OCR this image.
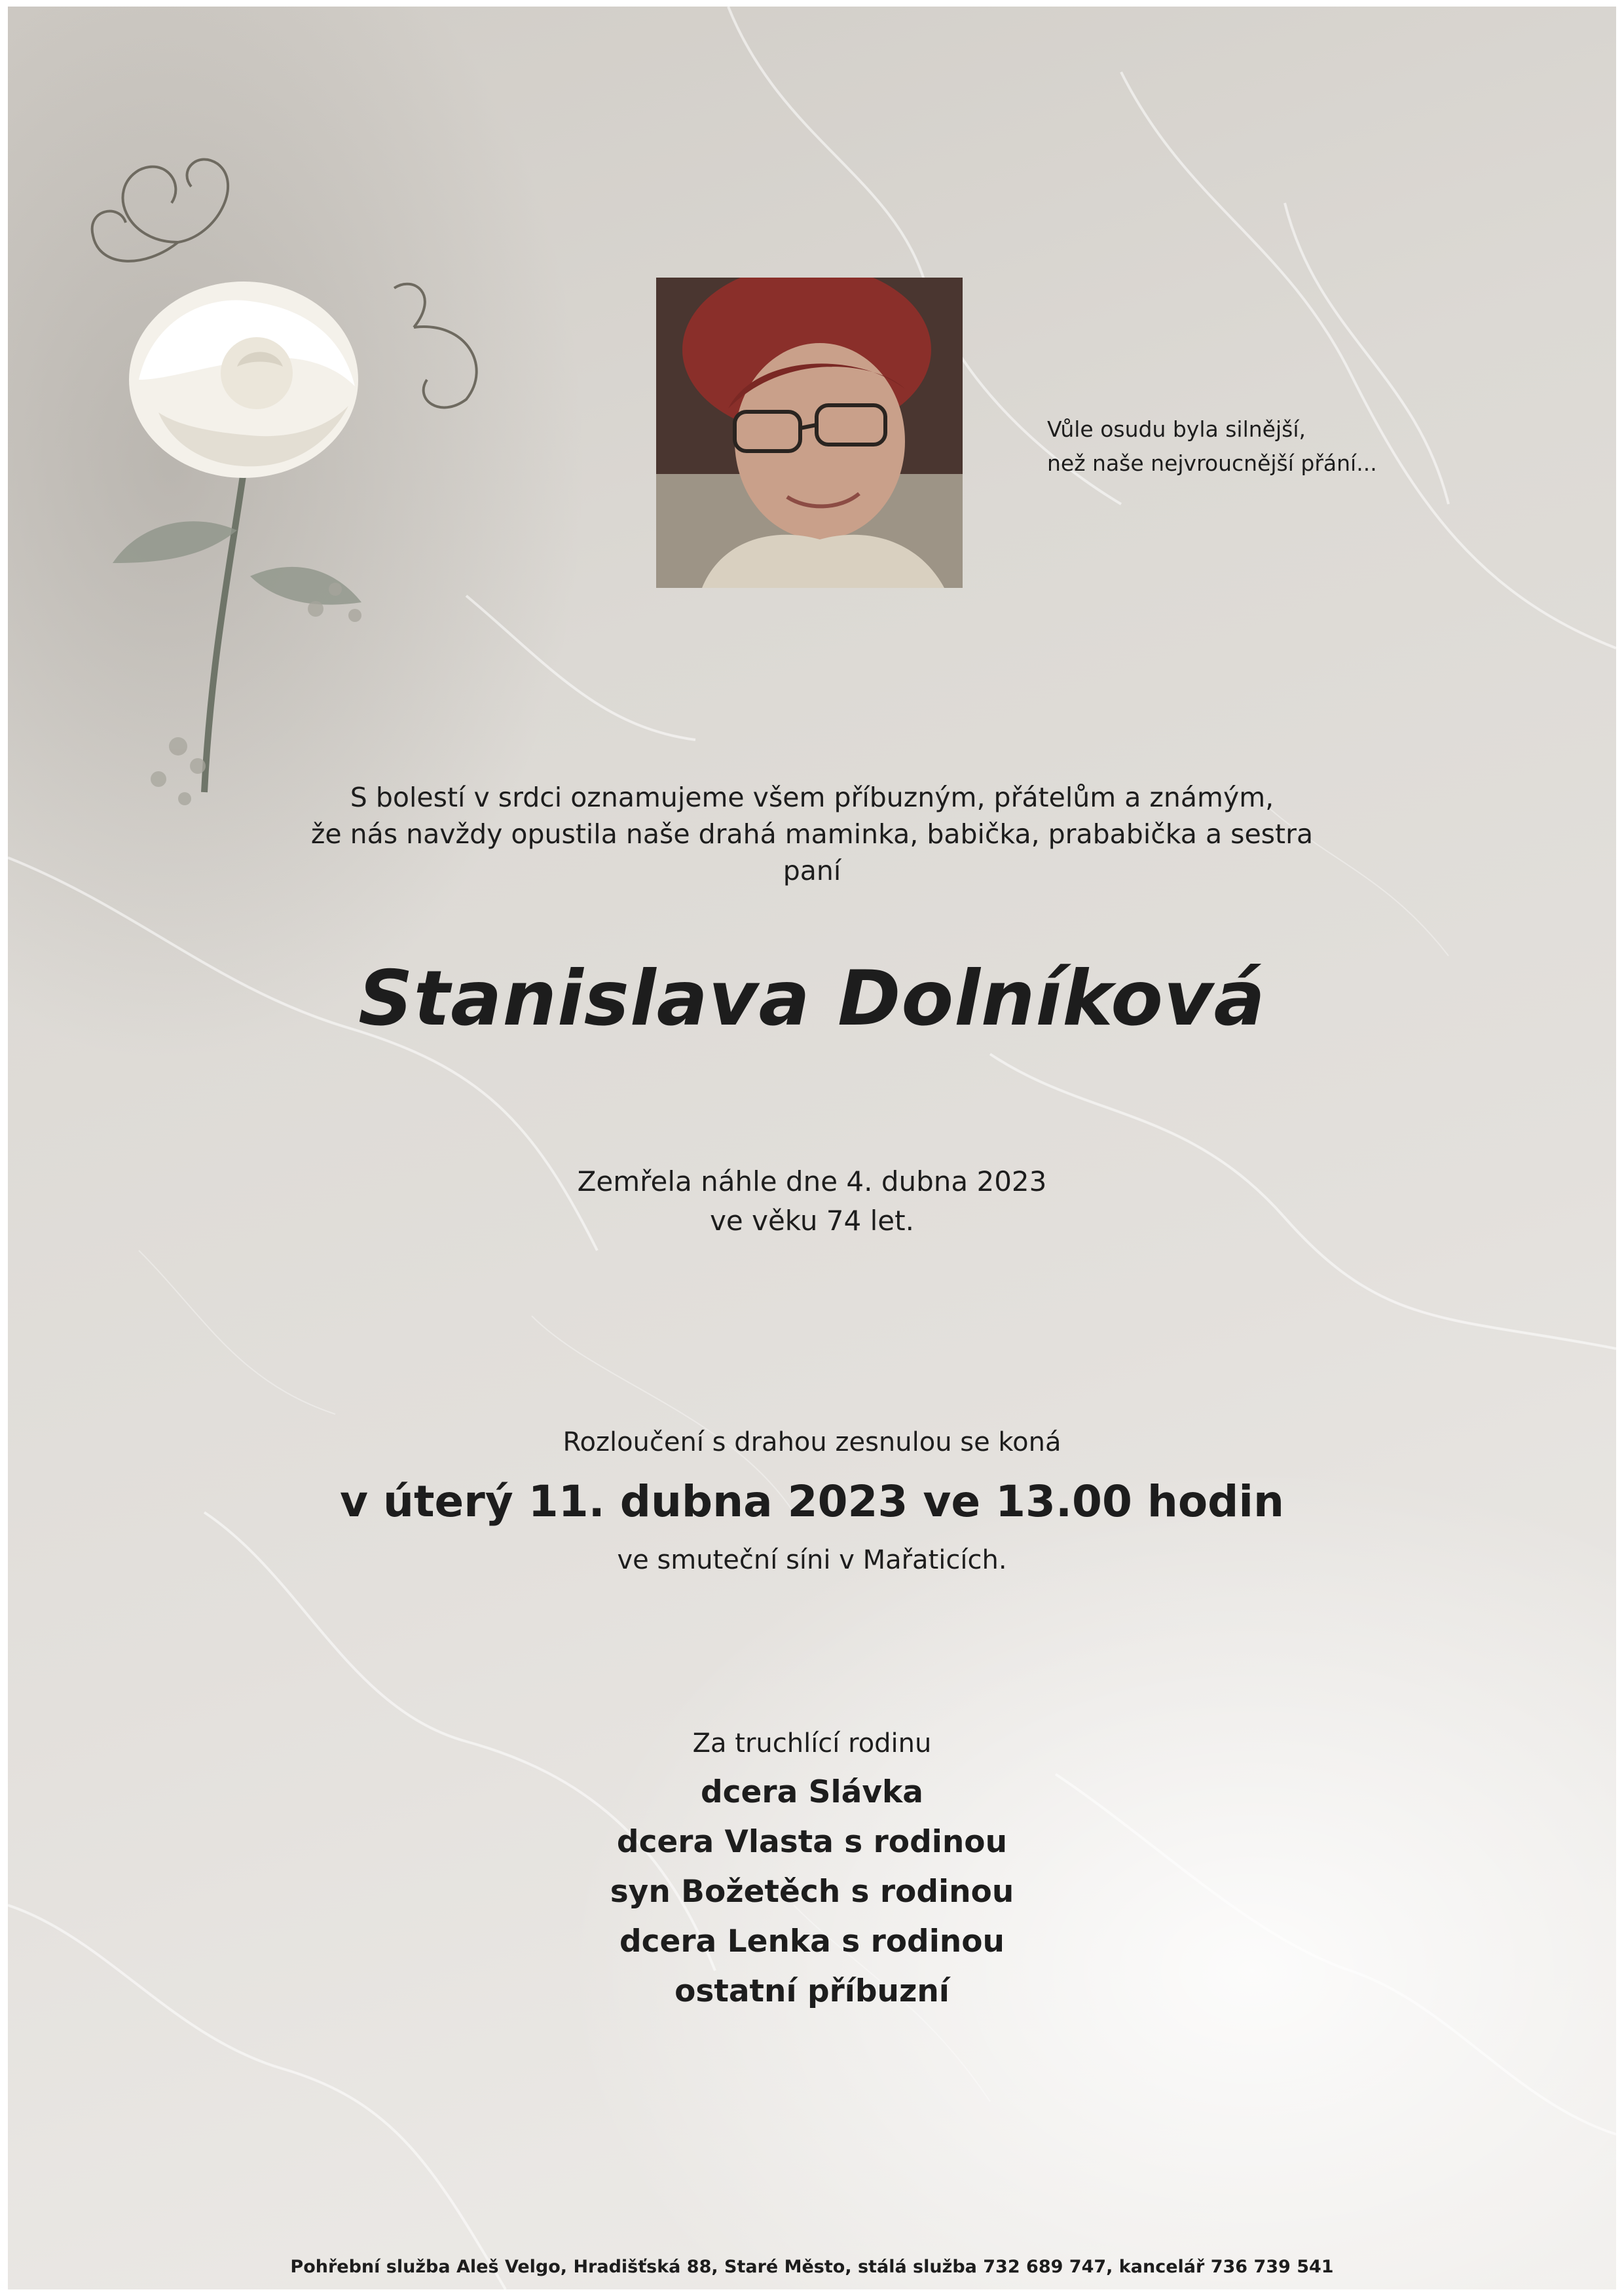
Vůle osudu byla silnější,
než naše nejvroucnější přání...
S bolestí v srdci oznamujeme všem příbuzným, přátelům a známým,
že nás navždy opustila naše drahá maminka, babička, prababička a sestra
paní
Stanislava Dolníková
Zemřela náhle dne 4. dubna 2023
ve věku 74 let.
Rozloučení s drahou zesnulou se koná
v úterý 11. dubna 2023 ve 13.00 hodin
ve smuteční síni v Mařaticích.
Za truchlící rodinu
dcera Slávka
dcera Vlasta s rodinou
syn Božetěch s rodinou
dcera Lenka s rodinou
ostatní příbuzní
Pohřební služba Aleš Velgo, Hradišťská 88, Staré Město, stálá služba 732 689 747, kancelář 736 739 541
